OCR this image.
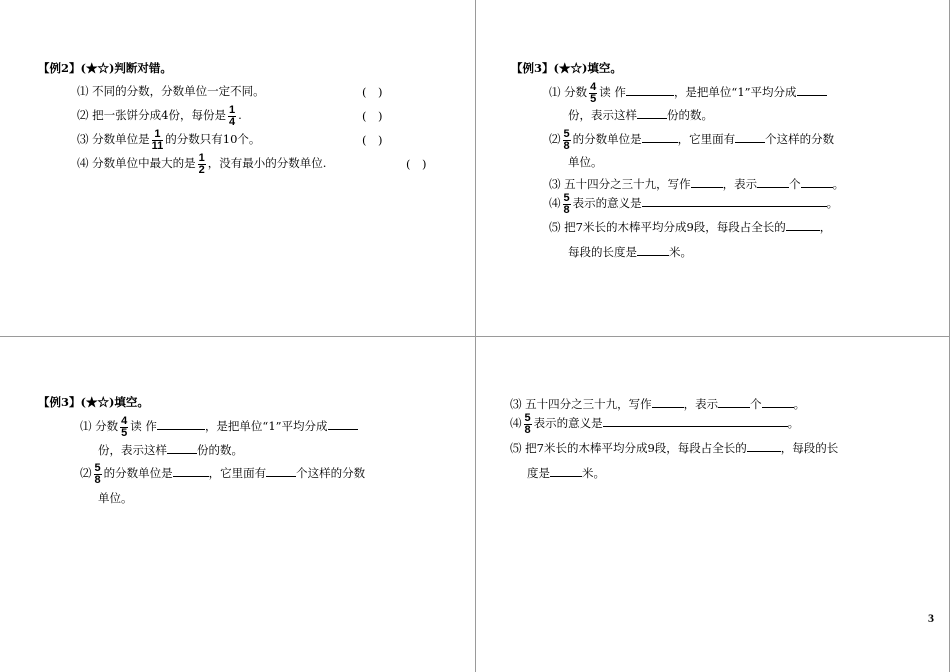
【例2】(★☆)判断对错。
⑴ 不同的分数，分数单位一定不同。	(　)
⑵ 把一张饼分成4份，每份是 $\frac{1}{4}$ .	(　)
⑶ 分数单位是 $\frac{1}{11}$ 的分数只有10个。	(　)
⑷ 分数单位中最大的是 $\frac{1}{2}$ ，没有最小的分数单位.	(　)
【例3】(★☆)填空。
⑴ 分数 $\frac{4}{5}$ 读 作	，是把单位“1”平均分成
份，表示这样	份的数。
⑵ $\frac{5}{8}$ 的分数单位是	，它里面有	个这样的分数
单位。
⑶ 五十四分之三十九，写作	，表示	个	。
⑷ $\frac{5}{8}$ 表示的意义是	。
⑸ 把7米长的木棒平均分成9段，每段占全长的	，
每段的长度是	米。
【例3】(★☆)填空。
⑴ 分数 $\frac{4}{5}$ 读 作	，是把单位“1”平均分成
份，表示这样	份的数。
⑵ $\frac{5}{8}$ 的分数单位是	，它里面有	个这样的分数
单位。
⑶ 五十四分之三十九，写作	，表示	个	。
⑷ $\frac{5}{8}$ 表示的意义是	。
⑸ 把7米长的木棒平均分成9段，每段占全长的	，每段的长
度是	米。
3
